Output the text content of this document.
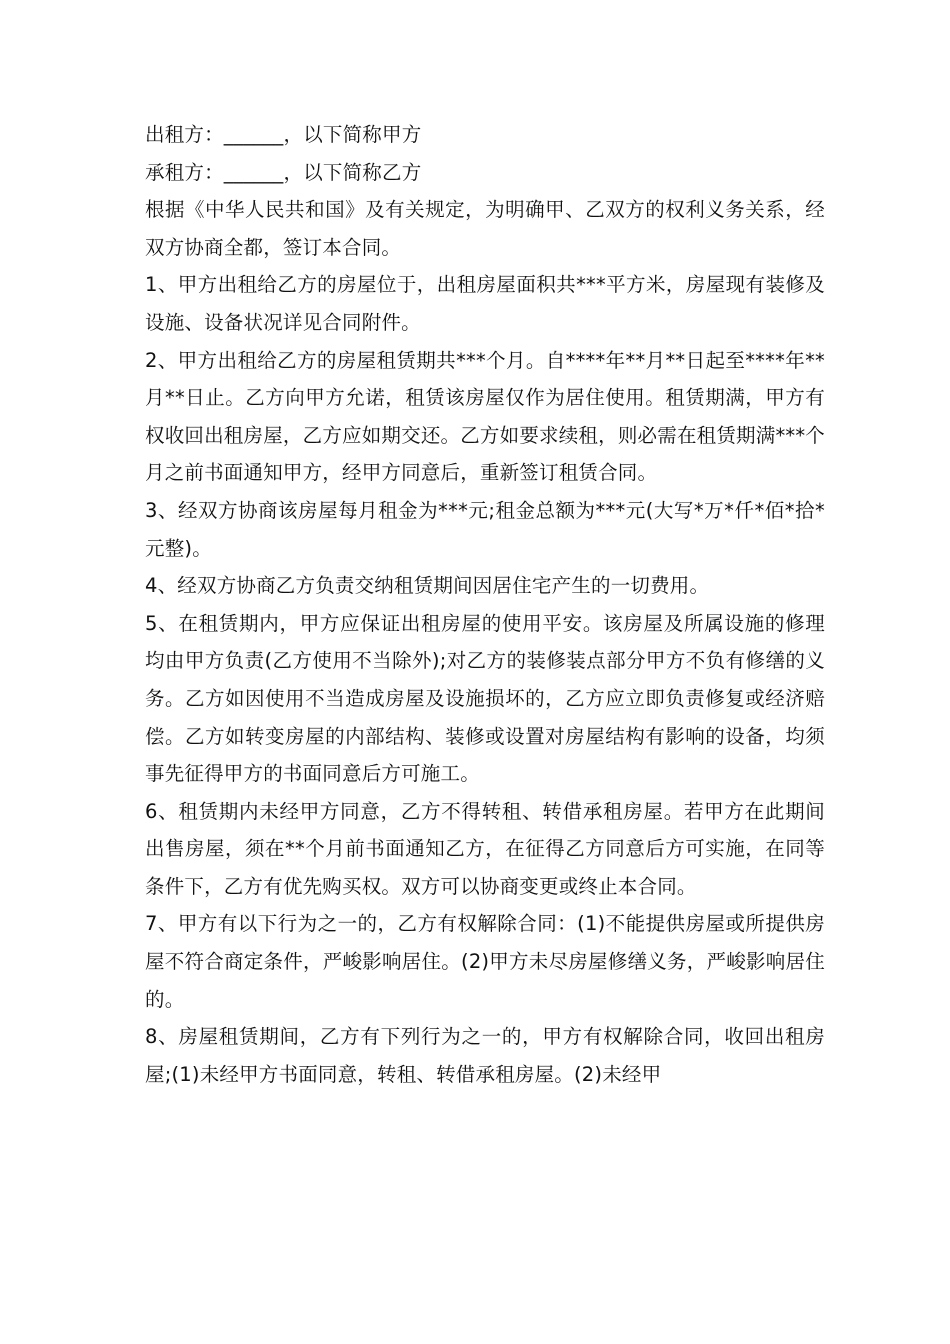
出租方：______，以下简称甲方

承租方：______，以下简称乙方

根据《中华人民共和国》及有关规定，为明确甲、乙双方的权利义务关系，经双方协商全都，签订本合同。

1、甲方出租给乙方的房屋位于，出租房屋面积共***平方米，房屋现有装修及设施、设备状况详见合同附件。

2、甲方出租给乙方的房屋租赁期共***个月。自****年**月**日起至****年**月**日止。乙方向甲方允诺，租赁该房屋仅作为居住使用。租赁期满，甲方有权收回出租房屋，乙方应如期交还。乙方如要求续租，则必需在租赁期满***个月之前书面通知甲方，经甲方同意后，重新签订租赁合同。

3、经双方协商该房屋每月租金为***元;租金总额为***元(大写*万*仟*佰*拾*元整)。

4、经双方协商乙方负责交纳租赁期间因居住宅产生的一切费用。

5、在租赁期内，甲方应保证出租房屋的使用平安。该房屋及所属设施的修理均由甲方负责(乙方使用不当除外);对乙方的装修装点部分甲方不负有修缮的义务。乙方如因使用不当造成房屋及设施损坏的，乙方应立即负责修复或经济赔偿。乙方如转变房屋的内部结构、装修或设置对房屋结构有影响的设备，均须事先征得甲方的书面同意后方可施工。

6、租赁期内未经甲方同意，乙方不得转租、转借承租房屋。若甲方在此期间出售房屋，须在**个月前书面通知乙方，在征得乙方同意后方可实施，在同等条件下，乙方有优先购买权。双方可以协商变更或终止本合同。

7、甲方有以下行为之一的，乙方有权解除合同：(1)不能提供房屋或所提供房屋不符合商定条件，严峻影响居住。(2)甲方未尽房屋修缮义务，严峻影响居住的。

8、房屋租赁期间，乙方有下列行为之一的，甲方有权解除合同，收回出租房屋;(1)未经甲方书面同意，转租、转借承租房屋。(2)未经甲
